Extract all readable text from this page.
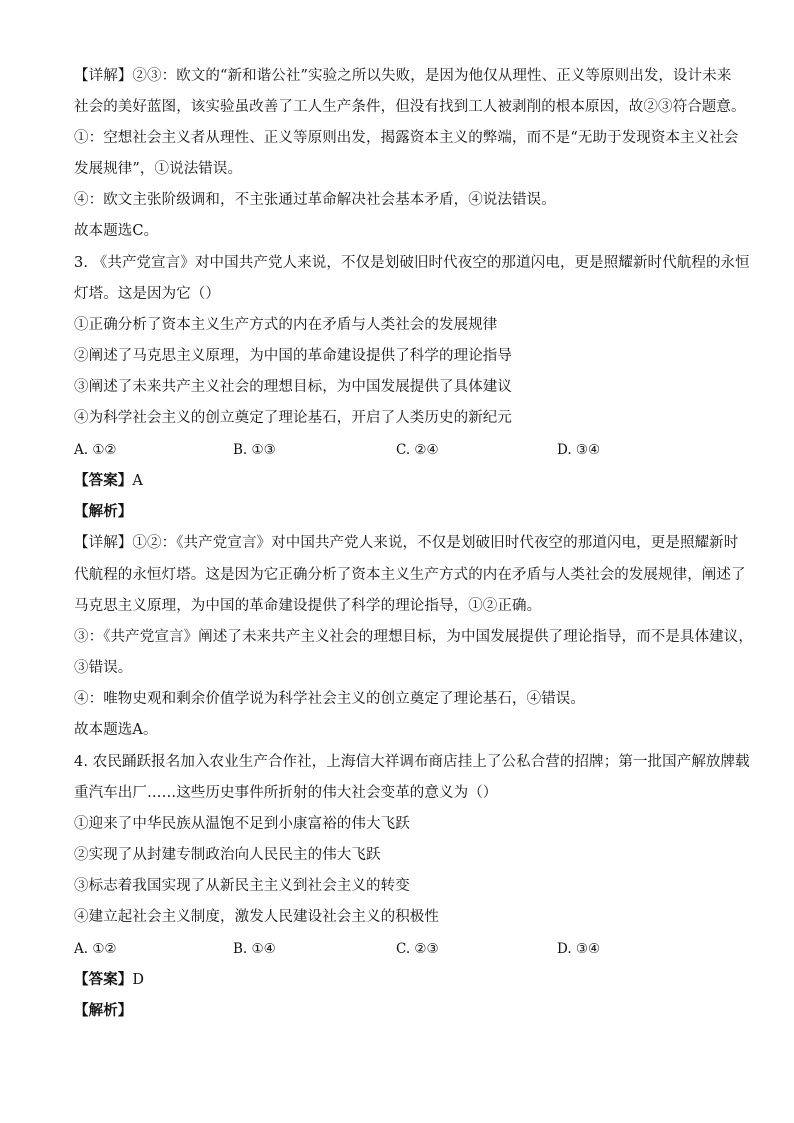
【详解】②③：欧文的“新和谐公社”实验之所以失败，是因为他仅从理性、正义等原则出发，设计未来
社会的美好蓝图，该实验虽改善了工人生产条件，但没有找到工人被剥削的根本原因，故②③符合题意。
①：空想社会主义者从理性、正义等原则出发，揭露资本主义的弊端，而不是“无助于发现资本主义社会
发展规律”，①说法错误。
④：欧文主张阶级调和，不主张通过革命解决社会基本矛盾，④说法错误。
故本题选C。
3. 《共产党宣言》对中国共产党人来说，不仅是划破旧时代夜空的那道闪电，更是照耀新时代航程的永恒
灯塔。这是因为它（）
①正确分析了资本主义生产方式的内在矛盾与人类社会的发展规律
②阐述了马克思主义原理，为中国的革命建设提供了科学的理论指导
③阐述了未来共产主义社会的理想目标，为中国发展提供了具体建议
④为科学社会主义的创立奠定了理论基石，开启了人类历史的新纪元
A. ①②	B. ①③	C. ②④	D. ③④
【答案】A
【解析】
【详解】①②：《共产党宣言》对中国共产党人来说，不仅是划破旧时代夜空的那道闪电，更是照耀新时
代航程的永恒灯塔。这是因为它正确分析了资本主义生产方式的内在矛盾与人类社会的发展规律，阐述了
马克思主义原理，为中国的革命建设提供了科学的理论指导，①②正确。
③：《共产党宣言》阐述了未来共产主义社会的理想目标，为中国发展提供了理论指导，而不是具体建议，
③错误。
④：唯物史观和剩余价值学说为科学社会主义的创立奠定了理论基石，④错误。
故本题选A。
4. 农民踊跃报名加入农业生产合作社，上海信大祥调布商店挂上了公私合营的招牌；第一批国产解放牌载
重汽车出厂……这些历史事件所折射的伟大社会变革的意义为（）
①迎来了中华民族从温饱不足到小康富裕的伟大飞跃
②实现了从封建专制政治向人民民主的伟大飞跃
③标志着我国实现了从新民主主义到社会主义的转变
④建立起社会主义制度，激发人民建设社会主义的积极性
A. ①②	B. ①④	C. ②③	D. ③④
【答案】D
【解析】
